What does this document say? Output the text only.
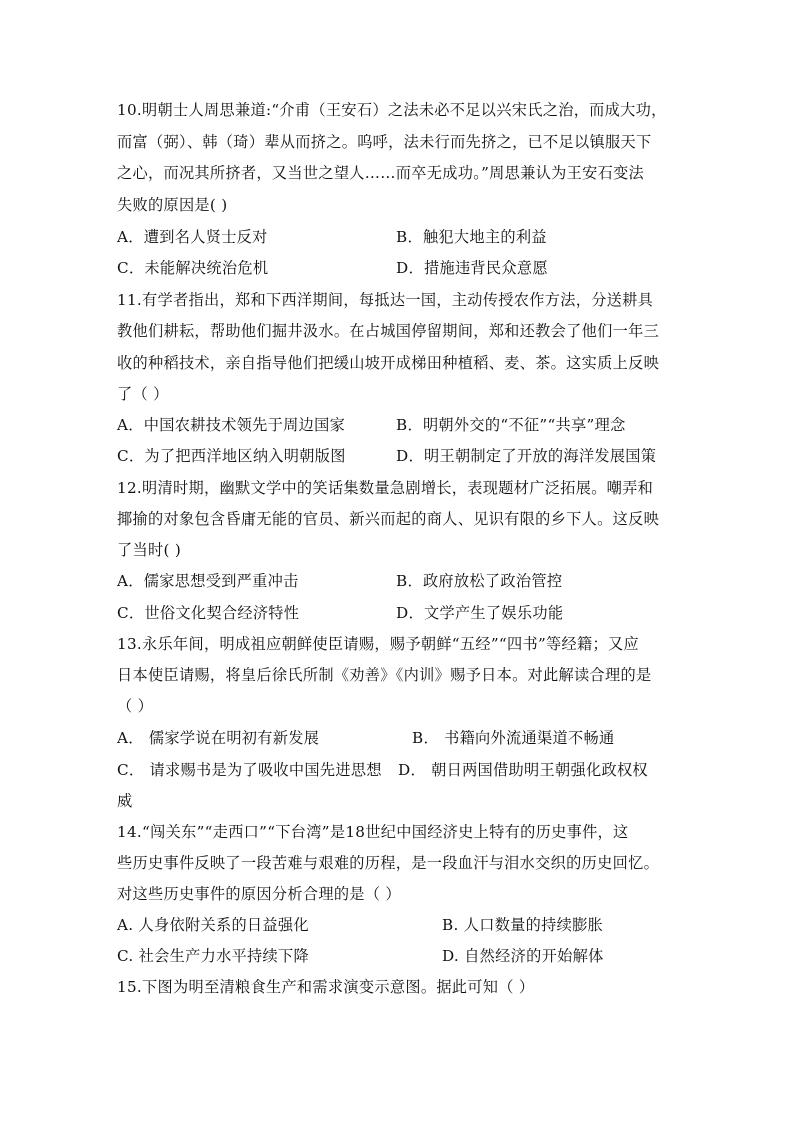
10.明朝士人周思兼道:“介甫（王安石）之法未必不足以兴宋氏之治，而成大功，
而富（弼）、韩（琦）辈从而挤之。呜呼，法未行而先挤之，已不足以镇服天下
之心，而况其所挤者，又当世之望人……而卒无成功。”周思兼认为王安石变法
失败的原因是( )
A．遭到名人贤士反对	B．触犯大地主的利益
C．未能解决统治危机	D．措施违背民众意愿
11.有学者指出，郑和下西洋期间，每抵达一国，主动传授农作方法，分送耕具
教他们耕耘，帮助他们掘井汲水。在占城国停留期间，郑和还教会了他们一年三
收的种稻技术，亲自指导他们把缓山坡开成梯田种植稻、麦、茶。这实质上反映
了（ ）
A．中国农耕技术领先于周边国家	B．明朝外交的“不征”“共享”理念
C．为了把西洋地区纳入明朝版图	D．明王朝制定了开放的海洋发展国策
12.明清时期，幽默文学中的笑话集数量急剧增长，表现题材广泛拓展。嘲弄和
揶揄的对象包含昏庸无能的官员、新兴而起的商人、见识有限的乡下人。这反映
了当时( )
A．儒家思想受到严重冲击	B．政府放松了政治管控
C．世俗文化契合经济特性	D．文学产生了娱乐功能
13.永乐年间，明成祖应朝鲜使臣请赐，赐予朝鲜“五经”“四书”等经籍；又应
日本使臣请赐，将皇后徐氏所制《劝善》《内训》赐予日本。对此解读合理的是
（ ）
A． 儒家学说在明初有新发展	B． 书籍向外流通渠道不畅通
C． 请求赐书是为了吸收中国先进思想 D． 朝日两国借助明王朝强化政权权
威
14.“闯关东”“走西口”“下台湾”是18世纪中国经济史上特有的历史事件，这
些历史事件反映了一段苦难与艰难的历程，是一段血汗与泪水交织的历史回忆。
对这些历史事件的原因分析合理的是（ ）
A. 人身依附关系的日益强化	B. 人口数量的持续膨胀
C. 社会生产力水平持续下降	D. 自然经济的开始解体
15.下图为明至清粮食生产和需求演变示意图。据此可知（ ）
